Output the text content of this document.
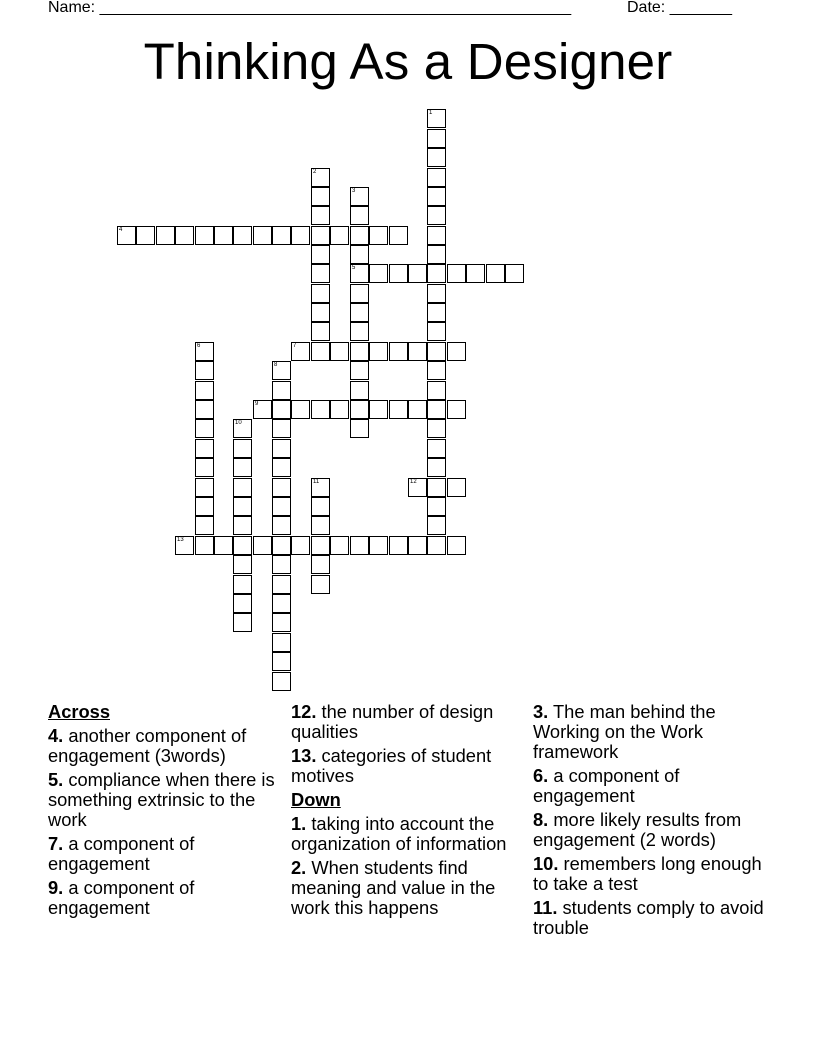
Name: _____________________________________________________	Date: _______
Thinking As a Designer
1
2
3
4
5
6	7
8
9
10
11	12
13
Across
4. another component of engagement (3words)
5. compliance when there is something extrinsic to the work
7. a component of engagement
9. a component of engagement
12. the number of design qualities
13. categories of student motives
Down
1. taking into account the organization of information
2. When students find meaning and value in the work this happens
3. The man behind the Working on the Work framework
6. a component of engagement
8. more likely results from engagement (2 words)
10. remembers long enough to take a test
11. students comply to avoid trouble
